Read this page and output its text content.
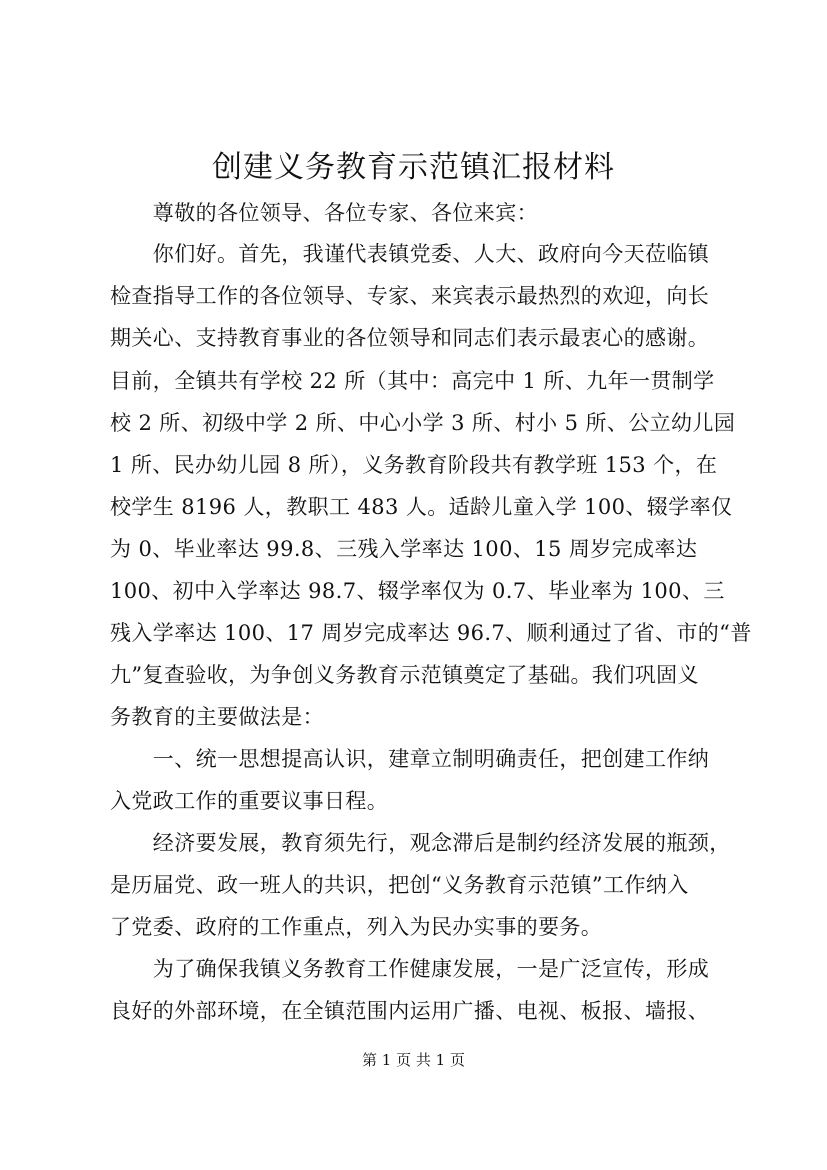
创建义务教育示范镇汇报材料
　　尊敬的各位领导、各位专家、各位来宾：
　　你们好。首先，我谨代表镇党委、人大、政府向今天莅临镇
检查指导工作的各位领导、专家、来宾表示最热烈的欢迎，向长
期关心、支持教育事业的各位领导和同志们表示最衷心的感谢。
目前，全镇共有学校 22 所（其中：高完中 1 所、九年一贯制学
校 2 所、初级中学 2 所、中心小学 3 所、村小 5 所、公立幼儿园
1 所、民办幼儿园 8 所），义务教育阶段共有教学班 153 个，在
校学生 8196 人，教职工 483 人。适龄儿童入学 100、辍学率仅
为 0、毕业率达 99.8、三残入学率达 100、15 周岁完成率达
100、初中入学率达 98.7、辍学率仅为 0.7、毕业率为 100、三
残入学率达 100、17 周岁完成率达 96.7、顺利通过了省、市的“普
九”复查验收，为争创义务教育示范镇奠定了基础。我们巩固义
务教育的主要做法是：
　　一、统一思想提高认识，建章立制明确责任，把创建工作纳
入党政工作的重要议事日程。
　　经济要发展，教育须先行，观念滞后是制约经济发展的瓶颈，
是历届党、政一班人的共识，把创“义务教育示范镇”工作纳入
了党委、政府的工作重点，列入为民办实事的要务。
　　为了确保我镇义务教育工作健康发展，一是广泛宣传，形成
良好的外部环境，在全镇范围内运用广播、电视、板报、墙报、
第 1 页 共 1 页
